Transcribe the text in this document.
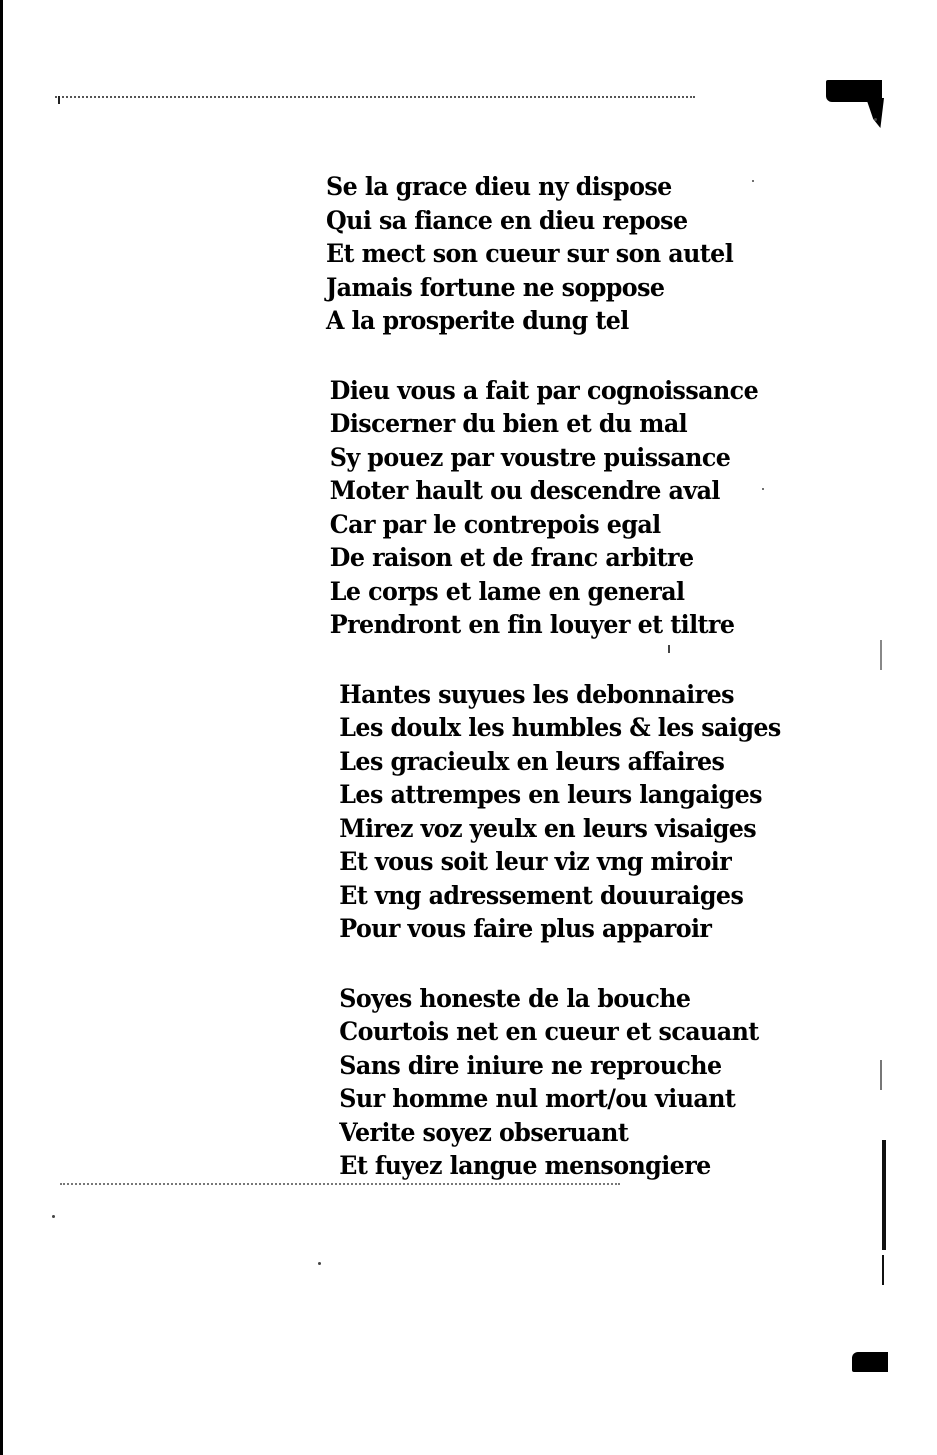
Se la grace dieu ny dispose
Qui sa fiance en dieu repose
Et mect son cueur sur son autel
Jamais fortune ne soppose
A la prosperite dung tel
Dieu vous a fait par cognoissance
Discerner du bien et du mal
Sy pouez par voustre puissance
Moter hault ou descendre aval
Car par le contrepois egal
De raison et de franc arbitre
Le corps et lame en general
Prendront en fin louyer et tiltre
Hantes suyues les debonnaires
Les doulx les humbles & les saiges
Les gracieulx en leurs affaires
Les attrempes en leurs langaiges
Mirez voz yeulx en leurs visaiges
Et vous soit leur viz vng miroir
Et vng adressement douuraiges
Pour vous faire plus apparoir
Soyes honeste de la bouche
Courtois net en cueur et scauant
Sans dire iniure ne reprouche
Sur homme nul mort/ou viuant
Verite soyez obseruant
Et fuyez langue mensongiere
